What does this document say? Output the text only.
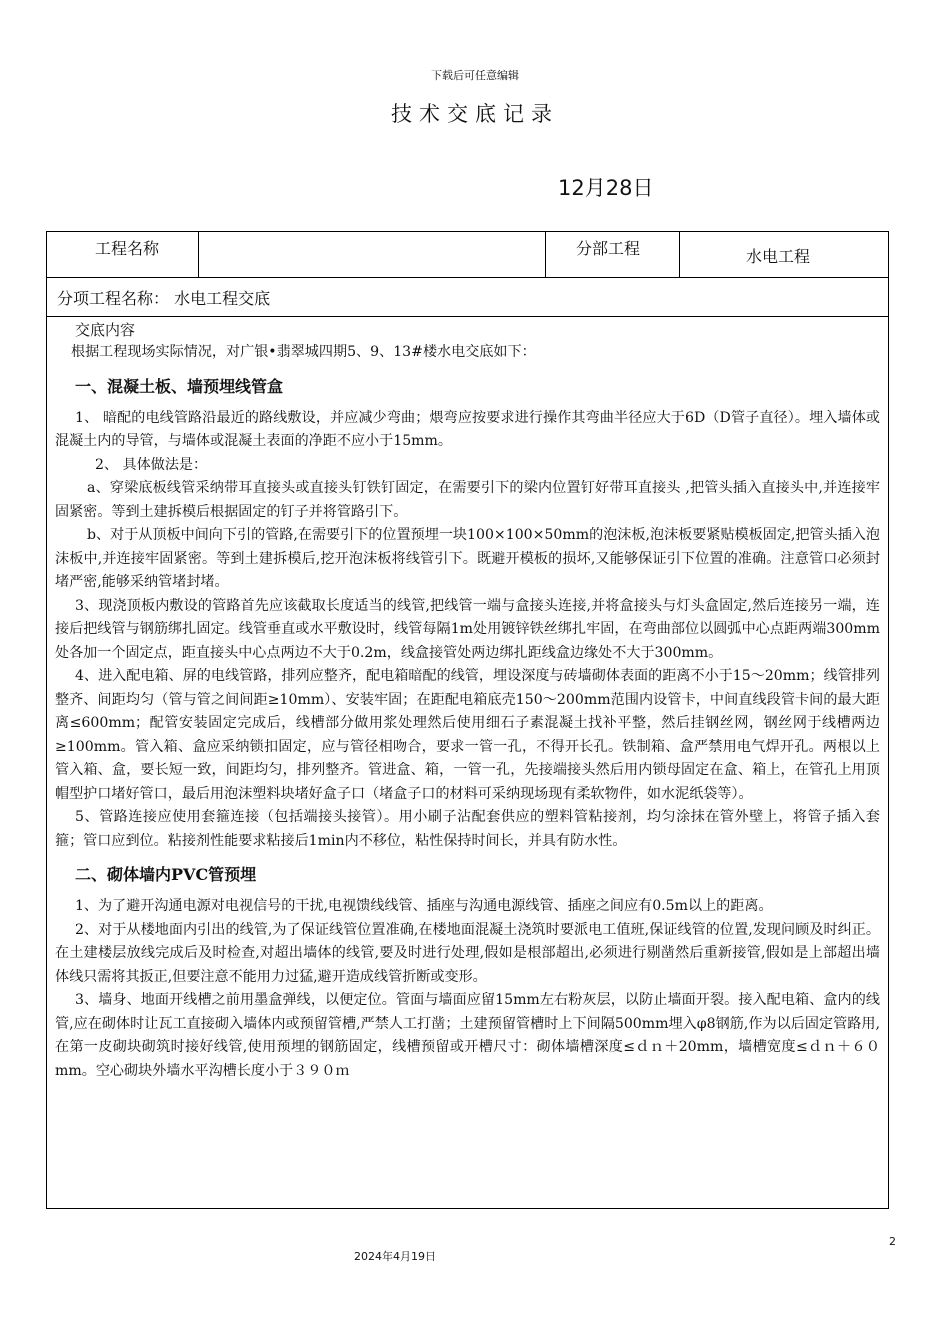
下载后可任意编辑
技术交底记录
12月28日
工程名称	分部工程	水电工程
分项工程名称： 水电工程交底

交底内容

根据工程现场实际情况，对广银•翡翠城四期5、9、13#楼水电交底如下：

一、混凝土板、墙预埋线管盒

1、 暗配的电线管路沿最近的路线敷设，并应减少弯曲；煨弯应按要求进行操作其弯曲半径应大于6D（D管子直径）。埋入墙体或混凝土内的导管，与墙体或混凝土表面的净距不应小于15mm。

2、 具体做法是：

a、穿梁底板线管采纳带耳直接头或直接头钉铁钉固定，在需要引下的梁内位置钉好带耳直接头 ,把管头插入直接头中,并连接牢固紧密。等到土建拆模后根据固定的钉子并将管路引下。

b、对于从顶板中间向下引的管路,在需要引下的位置预埋一块100×100×50mm的泡沫板,泡沫板要紧贴模板固定,把管头插入泡沫板中,并连接牢固紧密。等到土建拆模后,挖开泡沫板将线管引下。既避开模板的损坏,又能够保证引下位置的准确。注意管口必须封堵严密,能够采纳管堵封堵。

3、现浇顶板内敷设的管路首先应该截取长度适当的线管,把线管一端与盒接头连接,并将盒接头与灯头盒固定,然后连接另一端，连接后把线管与钢筋绑扎固定。线管垂直或水平敷设时，线管每隔1m处用镀锌铁丝绑扎牢固，在弯曲部位以圆弧中心点距两端300mm处各加一个固定点，距直接头中心点两边不大于0.2m，线盒接管处两边绑扎距线盒边缘处不大于300mm。

4、进入配电箱、屏的电线管路，排列应整齐，配电箱暗配的线管，埋设深度与砖墙砌体表面的距离不小于15～20mm；线管排列整齐、间距均匀（管与管之间间距≥10mm）、安装牢固；在距配电箱底壳150～200mm范围内设管卡，中间直线段管卡间的最大距离≤600mm；配管安装固定完成后，线槽部分做用浆处理然后使用细石子素混凝土找补平整，然后挂钢丝网，钢丝网于线槽两边≥100mm。管入箱、盒应采纳锁扣固定，应与管径相吻合，要求一管一孔，不得开长孔。铁制箱、盒严禁用电气焊开孔。两根以上管入箱、盒，要长短一致，间距均匀，排列整齐。管进盒、箱，一管一孔，先接端接头然后用内锁母固定在盒、箱上，在管孔上用顶帽型护口堵好管口，最后用泡沫塑料块堵好盒子口（堵盒子口的材料可采纳现场现有柔软物件，如水泥纸袋等）。

5、管路连接应使用套箍连接（包括端接头接管）。用小刷子沾配套供应的塑料管粘接剂，均匀涂抹在管外壁上，将管子插入套箍；管口应到位。粘接剂性能要求粘接后1min内不移位，粘性保持时间长，并具有防水性。

二、砌体墙内PVC管预埋

1、为了避开沟通电源对电视信号的干扰,电视馈线线管、插座与沟通电源线管、插座之间应有0.5m以上的距离。

2、对于从楼地面内引出的线管,为了保证线管位置准确,在楼地面混凝土浇筑时要派电工值班,保证线管的位置,发现问顾及时纠正。在土建楼层放线完成后及时检查,对超出墙体的线管,要及时进行处理,假如是根部超出,必须进行剔凿然后重新接管,假如是上部超出墙体线只需将其扳正,但要注意不能用力过猛,避开造成线管折断或变形。

3、墙身、地面开线槽之前用墨盒弹线，以便定位。管面与墙面应留15mm左右粉灰层，以防止墙面开裂。接入配电箱、盒内的线管,应在砌体时让瓦工直接砌入墙体内或预留管槽,严禁人工打凿；土建预留管槽时上下间隔500mm埋入φ8钢筋,作为以后固定管路用,在第一皮砌块砌筑时接好线管,使用预埋的钢筋固定，线槽预留或开槽尺寸：砌体墙槽深度≤ｄｎ＋20mm，墙槽宽度≤ｄｎ＋６０ mm。空心砌块外墙水平沟槽长度小于３９０ｍ

2
2024年4月19日
